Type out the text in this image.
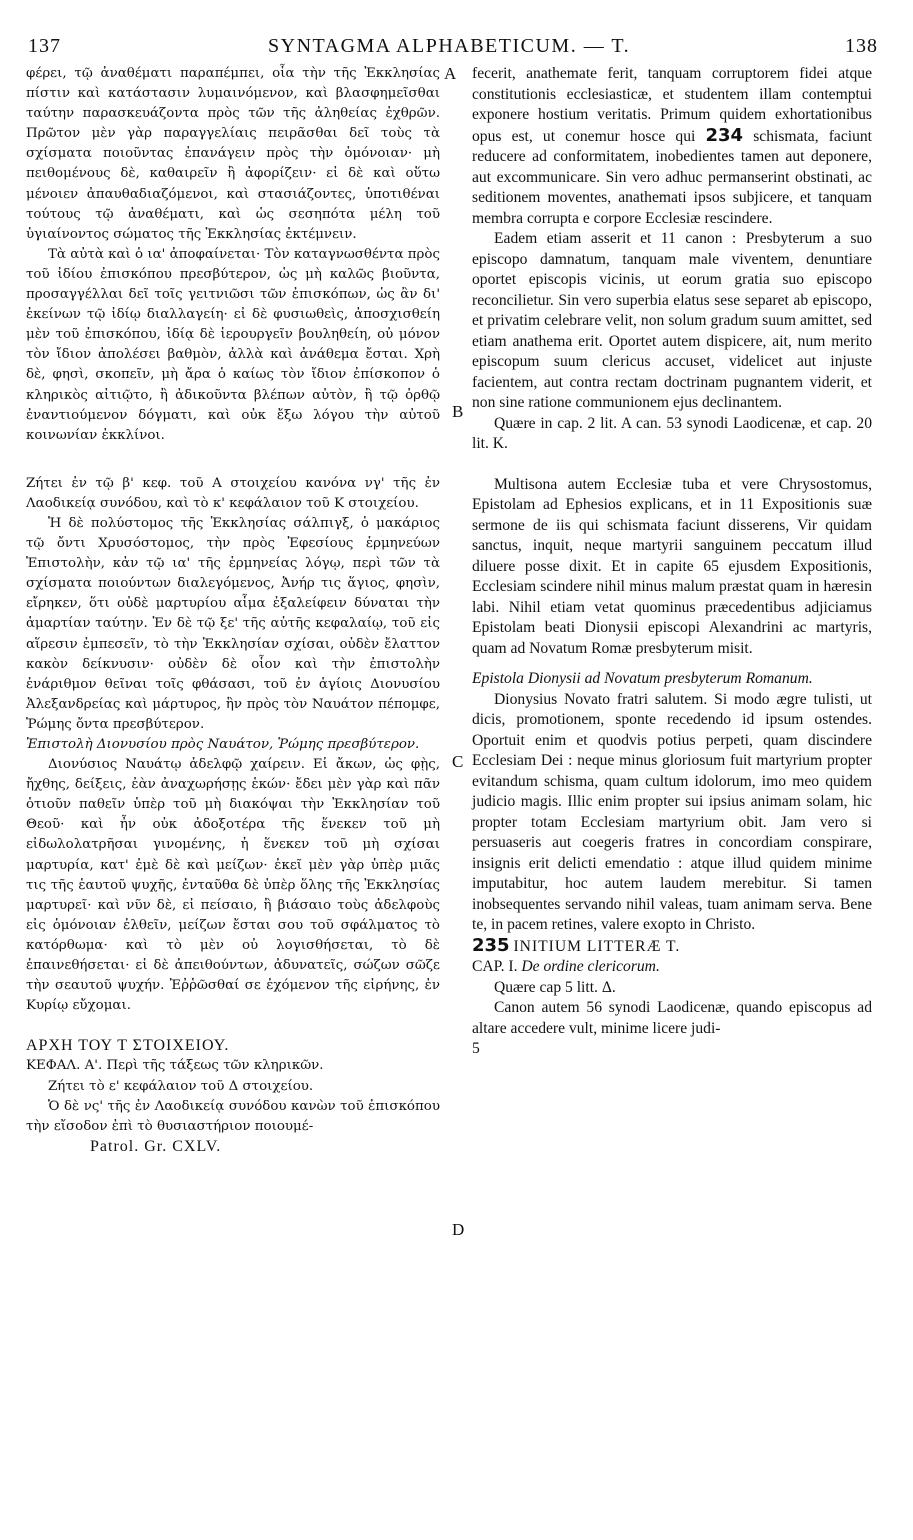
137	SYNTAGMA ALPHABETICUM. — T.	138
A
B
C
D

φέρει, τῷ ἀναθέματι παραπέμπει, οἷα τὴν τῆς Ἐκκλησίας πίστιν καὶ κατάστασιν λυμαινόμενον, καὶ βλασφημεῖσθαι ταύτην παρασκευάζοντα πρὸς τῶν τῆς ἀληθείας ἐχθρῶν. Πρῶτον μὲν γὰρ παραγγελίαις πειρᾶσθαι δεῖ τοὺς τὰ σχίσματα ποιοῦντας ἐπανάγειν πρὸς τὴν ὁμόνοιαν· μὴ πειθομένους δὲ, καθαιρεῖν ἢ ἀφορίζειν· εἰ δὲ καὶ οὕτω μένοιεν ἀπαυθαδιαζόμενοι, καὶ στασιάζοντες, ὑποτιθέναι τούτους τῷ ἀναθέματι, καὶ ὡς σεσηπότα μέλη τοῦ ὑγιαίνοντος σώματος τῆς Ἐκκλησίας ἐκτέμνειν.

Τὰ αὐτὰ καὶ ὁ ια' ἀποφαίνεται· Τὸν καταγνωσθέντα πρὸς τοῦ ἰδίου ἐπισκόπου πρεσβύτερον, ὡς μὴ καλῶς βιοῦντα, προσαγγέλλαι δεῖ τοῖς γειτνιῶσι τῶν ἐπισκόπων, ὡς ἂν δι' ἐκείνων τῷ ἰδίῳ διαλλαγείη· εἰ δὲ φυσιωθεὶς, ἀποσχισθείη μὲν τοῦ ἐπισκόπου, ἰδίᾳ δὲ ἱερουργεῖν βουληθείη, οὐ μόνον τὸν ἴδιον ἀπολέσει βαθμὸν, ἀλλὰ καὶ ἀνάθεμα ἔσται. Χρὴ δὲ, φησὶ, σκοπεῖν, μὴ ἄρα ὁ καίως τὸν ἴδιον ἐπίσκοπον ὁ κληρικὸς αἰτιῷτο, ἢ ἀδικοῦντα βλέπων αὐτὸν, ἢ τῷ ὀρθῷ ἐναντιούμενον δόγματι, καὶ οὐκ ἔξω λόγου τὴν αὐτοῦ κοινωνίαν ἐκκλίνοι.

Ζήτει ἐν τῷ β' κεφ. τοῦ Α στοιχείου κανόνα νγ' τῆς ἐν Λαοδικείᾳ συνόδου, καὶ τὸ κ' κεφάλαιον τοῦ Κ στοιχείου.

Ἡ δὲ πολύστομος τῆς Ἐκκλησίας σάλπιγξ, ὁ μακάριος τῷ ὄντι Χρυσόστομος, τὴν πρὸς Ἐφεσίους ἑρμηνεύων Ἐπιστολὴν, κἀν τῷ ια' τῆς ἑρμηνείας λόγῳ, περὶ τῶν τὰ σχίσματα ποιούντων διαλεγόμενος, Ἀνήρ τις ἅγιος, φησὶν, εἴρηκεν, ὅτι οὐδὲ μαρτυρίου αἷμα ἐξαλείφειν δύναται τὴν ἁμαρτίαν ταύτην. Ἐν δὲ τῷ ξε' τῆς αὐτῆς κεφαλαίῳ, τοῦ εἰς αἵρεσιν ἐμπεσεῖν, τὸ τὴν Ἐκκλησίαν σχίσαι, οὐδὲν ἔλαττον κακὸν δείκνυσιν· οὐδὲν δὲ οἷον καὶ τὴν ἐπιστολὴν ἐνάριθμον θεῖναι τοῖς φθάσασι, τοῦ ἐν ἁγίοις Διονυσίου Ἀλεξανδρείας καὶ μάρτυρος, ἣν πρὸς τὸν Ναυάτον πέπομφε, Ῥώμης ὄντα πρεσβύτερον.

Ἐπιστολὴ Διονυσίου πρὸς Ναυάτον, Ῥώμης πρεσβύτερον.

Διονύσιος Ναυάτῳ ἀδελφῷ χαίρειν. Εἰ ἄκων, ὡς φῂς, ἤχθης, δείξεις, ἐὰν ἀναχωρήσῃς ἑκών· ἔδει μὲν γὰρ καὶ πᾶν ὁτιοῦν παθεῖν ὑπὲρ τοῦ μὴ διακόψαι τὴν Ἐκκλησίαν τοῦ Θεοῦ· καὶ ἦν οὐκ ἀδοξοτέρα τῆς ἕνεκεν τοῦ μὴ εἰδωλολατρῆσαι γινομένης, ἡ ἕνεκεν τοῦ μὴ σχίσαι μαρτυρία, κατ' ἐμὲ δὲ καὶ μείζων· ἐκεῖ μὲν γὰρ ὑπὲρ μιᾶς τις τῆς ἑαυτοῦ ψυχῆς, ἐνταῦθα δὲ ὑπὲρ ὅλης τῆς Ἐκκλησίας μαρτυρεῖ· καὶ νῦν δὲ, εἰ πείσαιο, ἢ βιάσαιο τοὺς ἀδελφοὺς εἰς ὁμόνοιαν ἐλθεῖν, μείζων ἔσται σου τοῦ σφάλματος τὸ κατόρθωμα· καὶ τὸ μὲν οὐ λογισθήσεται, τὸ δὲ ἐπαινεθήσεται· εἰ δὲ ἀπειθούντων, ἀδυνατεῖς, σώζων σῶζε τὴν σεαυτοῦ ψυχήν. Ἐῤῥῶσθαί σε ἐχόμενον τῆς εἰρήνης, ἐν Κυρίῳ εὔχομαι.

ΑΡΧΗ ΤΟΥ Τ ΣΤΟΙΧΕΙΟΥ.

ΚΕΦΑΛ. Α'. Περὶ τῆς τάξεως τῶν κληρικῶν.

Ζήτει τὸ ε' κεφάλαιον τοῦ Δ στοιχείου.

Ὁ δὲ νς' τῆς ἐν Λαοδικείᾳ συνόδου κανὼν τοῦ ἐπισκόπου τὴν εἴσοδον ἐπὶ τὸ θυσιαστήριον ποιουμέ-

Patrol. Gr. CXLV.

fecerit, anathemate ferit, tanquam corruptorem fidei atque constitutionis ecclesiasticæ, et studentem illam contemptui exponere hostium veritatis. Primum quidem exhortationibus opus est, ut conemur hosce qui 234 schismata, faciunt reducere ad conformitatem, inobedientes tamen aut deponere, aut excommunicare. Sin vero adhuc permanserint obstinati, ac seditionem moventes, anathemati ipsos subjicere, et tanquam membra corrupta e corpore Ecclesiæ rescindere.

Eadem etiam asserit et 11 canon : Presbyterum a suo episcopo damnatum, tanquam male viventem, denuntiare oportet episcopis vicinis, ut eorum gratia suo episcopo reconcilietur. Sin vero superbia elatus sese separet ab episcopo, et privatim celebrare velit, non solum gradum suum amittet, sed etiam anathema erit. Oportet autem dispicere, ait, num merito episcopum suum clericus accuset, videlicet aut injuste facientem, aut contra rectam doctrinam pugnantem viderit, et non sine ratione communionem ejus declinantem.

Quære in cap. 2 lit. A can. 53 synodi Laodicenæ, et cap. 20 lit. K.

Multisona autem Ecclesiæ tuba et vere Chrysostomus, Epistolam ad Ephesios explicans, et in 11 Expositionis suæ sermone de iis qui schismata faciunt disserens, Vir quidam sanctus, inquit, neque martyrii sanguinem peccatum illud diluere posse dixit. Et in capite 65 ejusdem Expositionis, Ecclesiam scindere nihil minus malum præstat quam in hæresin labi. Nihil etiam vetat quominus præcedentibus adjiciamus Epistolam beati Dionysii episcopi Alexandrini ac martyris, quam ad Novatum Romæ presbyterum misit.

Epistola Dionysii ad Novatum presbyterum Romanum.

Dionysius Novato fratri salutem. Si modo ægre tulisti, ut dicis, promotionem, sponte recedendo id ipsum ostendes. Oportuit enim et quodvis potius perpeti, quam discindere Ecclesiam Dei : neque minus gloriosum fuit martyrium propter evitandum schisma, quam cultum idolorum, imo meo quidem judicio magis. Illic enim propter sui ipsius animam solam, hic propter totam Ecclesiam martyrium obit. Jam vero si persuaseris aut coegeris fratres in concordiam conspirare, insignis erit delicti emendatio : atque illud quidem minime imputabitur, hoc autem laudem merebitur. Si tamen inobsequentes servando nihil valeas, tuam animam serva. Bene te, in pacem retines, valere exopto in Christo.

235 INITIUM LITTERÆ T.

CAP. I. De ordine clericorum.

Quære cap 5 litt. Δ.

Canon autem 56 synodi Laodicenæ, quando episcopus ad altare accedere vult, minime licere judi-

5
